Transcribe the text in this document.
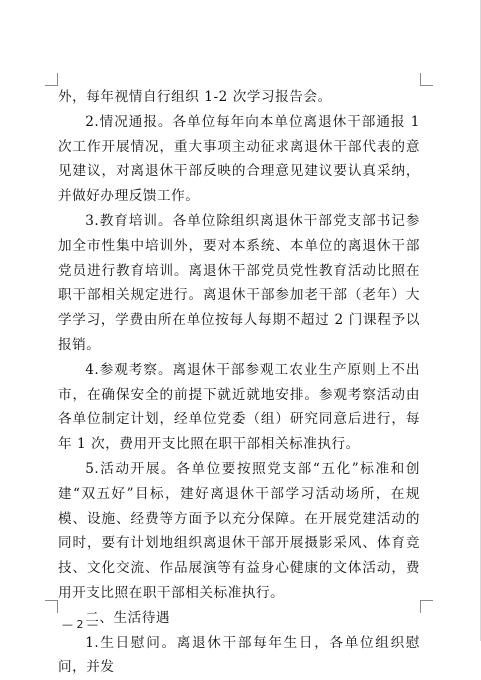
外，每年视情自行组织 1-2 次学习报告会。

2.情况通报。各单位每年向本单位离退休干部通报 1 次工作开展情况，重大事项主动征求离退休干部代表的意见建议，对离退休干部反映的合理意见建议要认真采纳，并做好办理反馈工作。

3.教育培训。各单位除组织离退休干部党支部书记参加全市性集中培训外，要对本系统、本单位的离退休干部党员进行教育培训。离退休干部党员党性教育活动比照在职干部相关规定进行。离退休干部参加老干部（老年）大学学习，学费由所在单位按每人每期不超过 2 门课程予以报销。

4.参观考察。离退休干部参观工农业生产原则上不出市，在确保安全的前提下就近就地安排。参观考察活动由各单位制定计划，经单位党委（组）研究同意后进行，每年 1 次，费用开支比照在职干部相关标准执行。

5.活动开展。各单位要按照党支部“五化”标准和创建“双五好”目标，建好离退休干部学习活动场所，在规模、设施、经费等方面予以充分保障。在开展党建活动的同时，要有计划地组织离退休干部开展摄影采风、体育竞技、文化交流、作品展演等有益身心健康的文体活动，费用开支比照在职干部相关标准执行。

二、生活待遇

1.生日慰问。离退休干部每年生日，各单位组织慰问，并发

— 2 —
